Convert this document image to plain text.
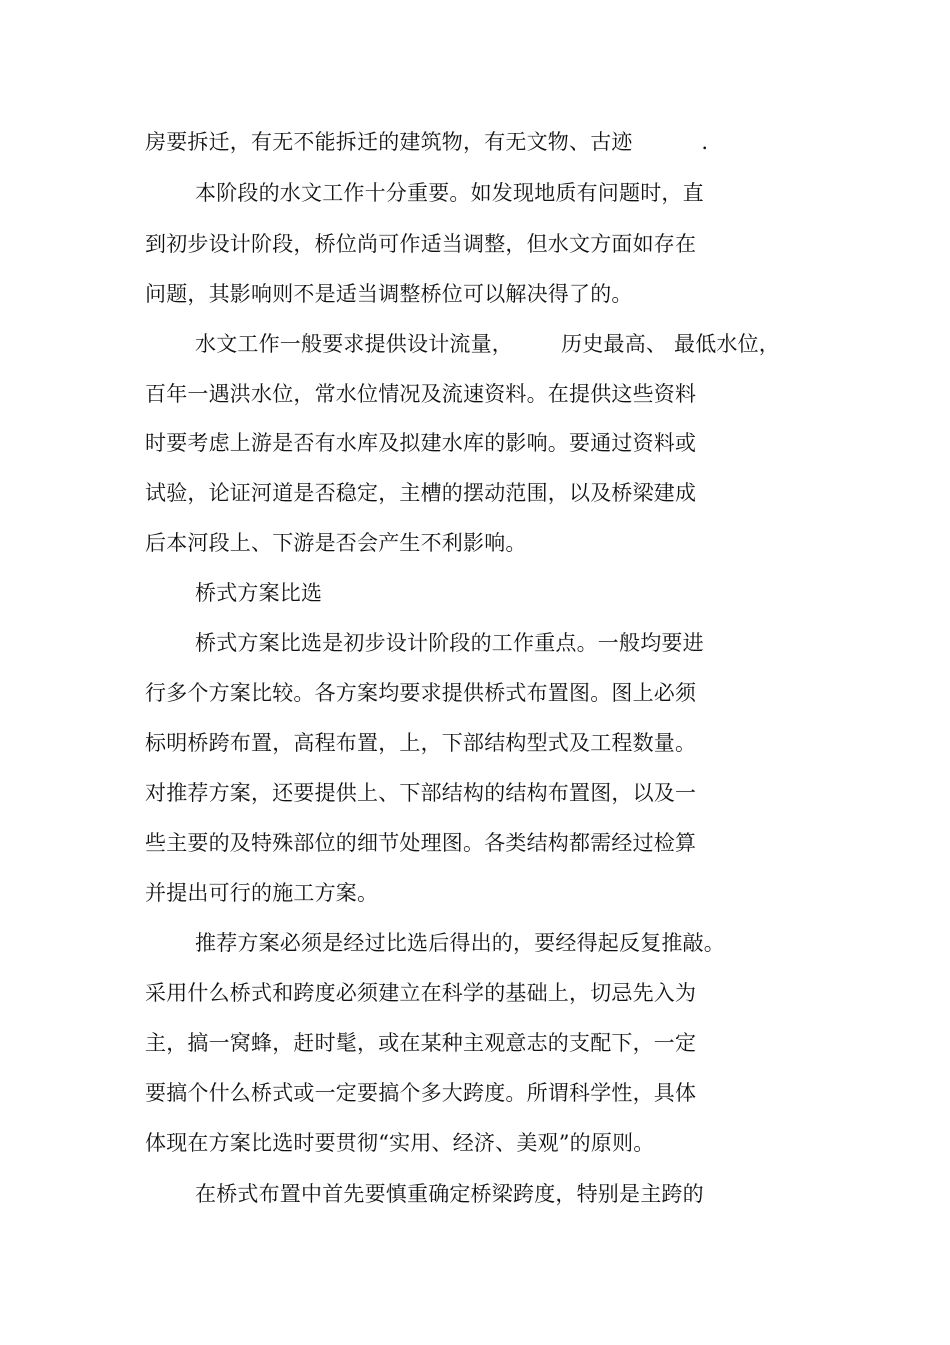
房要拆迁，有无不能拆迁的建筑物，有无文物、古迹          .
本阶段的水文工作十分重要。如发现地质有问题时，直
到初步设计阶段，桥位尚可作适当调整，但水文方面如存在
问题，其影响则不是适当调整桥位可以解决得了的。
水文工作一般要求提供设计流量，       历史最高、 最低水位，
百年一遇洪水位，常水位情况及流速资料。在提供这些资料
时要考虑上游是否有水库及拟建水库的影响。要通过资料或
试验，论证河道是否稳定，主槽的摆动范围，以及桥梁建成
后本河段上、下游是否会产生不利影响。
桥式方案比选
桥式方案比选是初步设计阶段的工作重点。一般均要进
行多个方案比较。各方案均要求提供桥式布置图。图上必须
标明桥跨布置，高程布置，上，下部结构型式及工程数量。
对推荐方案，还要提供上、下部结构的结构布置图，以及一
些主要的及特殊部位的细节处理图。各类结构都需经过检算
并提出可行的施工方案。
推荐方案必须是经过比选后得出的，要经得起反复推敲。
采用什么桥式和跨度必须建立在科学的基础上，切忌先入为
主，搞一窝蜂，赶时髦，或在某种主观意志的支配下，一定
要搞个什么桥式或一定要搞个多大跨度。所谓科学性，具体
体现在方案比选时要贯彻“实用、经济、美观”的原则。
在桥式布置中首先要慎重确定桥梁跨度，特别是主跨的
